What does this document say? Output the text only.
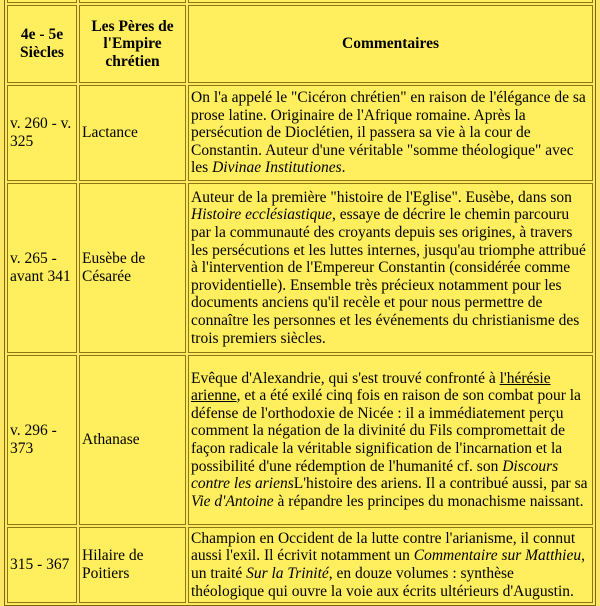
4e - 5e Siècles	Les Pères de l'Empire chrétien	Commentaires
v. 260 - v. 325	Lactance	On l'a appelé le "Cicéron chrétien" en raison de l'élégance de sa prose latine. Originaire de l'Afrique romaine. Après la persécution de Dioclétien, il passera sa vie à la cour de Constantin. Auteur d'une véritable "somme théologique" avec les Divinae Institutiones.
v. 265 - avant 341	Eusèbe de Césarée	Auteur de la première "histoire de l'Eglise". Eusèbe, dans son Histoire ecclésiastique, essaye de décrire le chemin parcouru par la communauté des croyants depuis ses origines, à travers les persécutions et les luttes internes, jusqu'au triomphe attribué à l'intervention de l'Empereur Constantin (considérée comme providentielle). Ensemble très précieux notamment pour les documents anciens qu'il recèle et pour nous permettre de connaître les personnes et les événements du christianisme des trois premiers siècles.
v. 296 - 373	Athanase	Evêque d'Alexandrie, qui s'est trouvé confronté à l'hérésie arienne, et a été exilé cinq fois en raison de son combat pour la défense de l'orthodoxie de Nicée : il a immédiatement perçu comment la négation de la divinité du Fils compromettait de façon radicale la véritable signification de l'incarnation et la possibilité d'une rédemption de l'humanité cf. son Discours contre les ariensL'histoire des ariens. Il a contribué aussi, par sa Vie d'Antoine à répandre les principes du monachisme naissant.
315 - 367	Hilaire de Poitiers	Champion en Occident de la lutte contre l'arianisme, il connut aussi l'exil. Il écrivit notamment un Commentaire sur Matthieu, un traité Sur la Trinité, en douze volumes : synthèse théologique qui ouvre la voie aux écrits ultérieurs d'Augustin.
